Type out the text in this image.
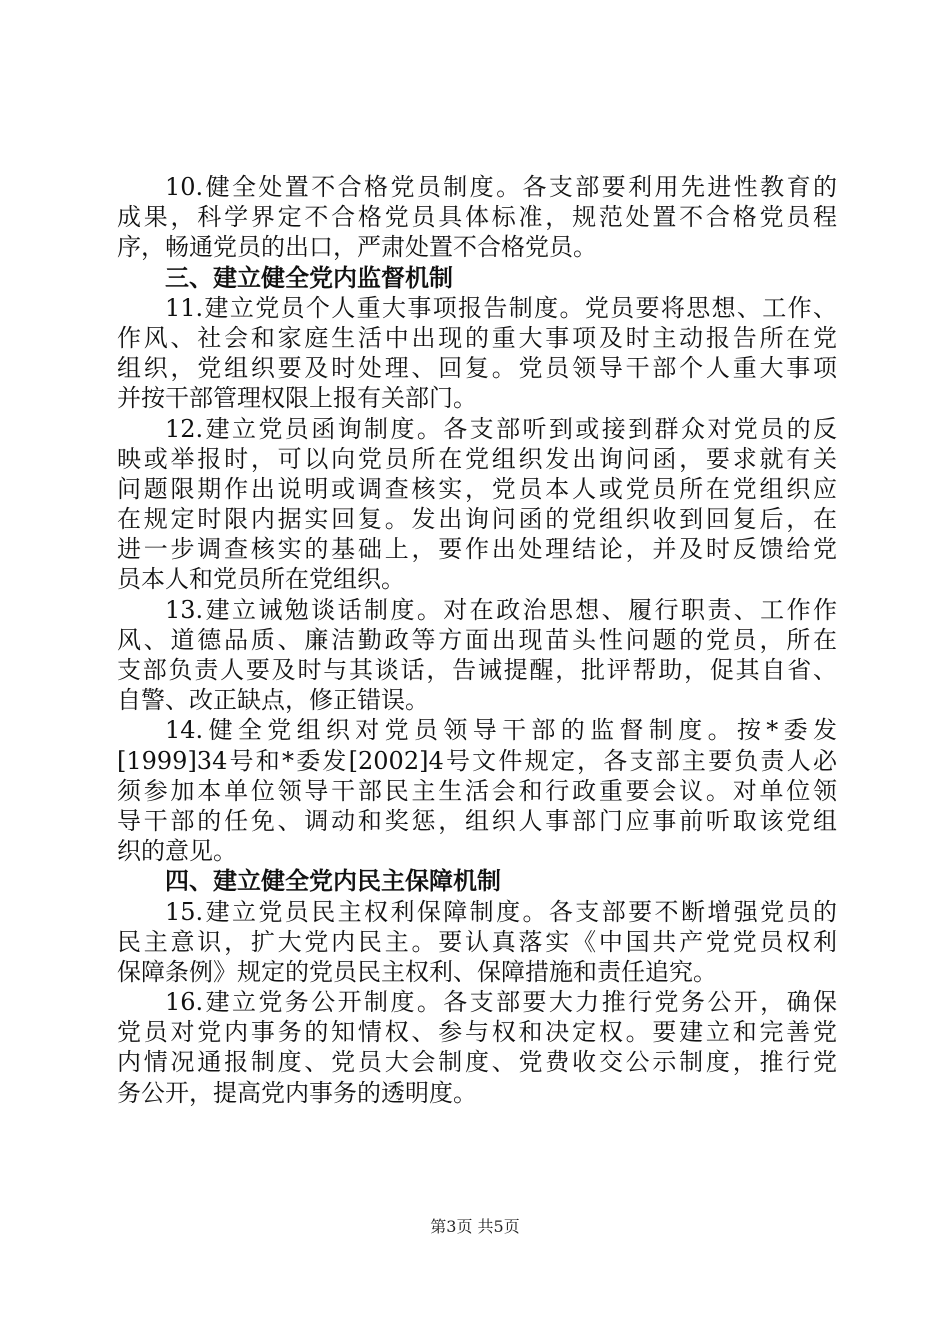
10.健全处置不合格党员制度。各支部要利用先进性教育的
成果，科学界定不合格党员具体标准，规范处置不合格党员程
序，畅通党员的出口，严肃处置不合格党员。
三、建立健全党内监督机制
11.建立党员个人重大事项报告制度。党员要将思想、工作、
作风、社会和家庭生活中出现的重大事项及时主动报告所在党
组织，党组织要及时处理、回复。党员领导干部个人重大事项
并按干部管理权限上报有关部门。
12.建立党员函询制度。各支部听到或接到群众对党员的反
映或举报时，可以向党员所在党组织发出询问函，要求就有关
问题限期作出说明或调查核实，党员本人或党员所在党组织应
在规定时限内据实回复。发出询问函的党组织收到回复后，在
进一步调查核实的基础上，要作出处理结论，并及时反馈给党
员本人和党员所在党组织。
13.建立诫勉谈话制度。对在政治思想、履行职责、工作作
风、道德品质、廉洁勤政等方面出现苗头性问题的党员，所在
支部负责人要及时与其谈话，告诫提醒，批评帮助，促其自省、
自警、改正缺点，修正错误。
14.健全党组织对党员领导干部的监督制度。按*委发
[1999]34号和*委发[2002]4号文件规定，各支部主要负责人必
须参加本单位领导干部民主生活会和行政重要会议。对单位领
导干部的任免、调动和奖惩，组织人事部门应事前听取该党组
织的意见。
四、建立健全党内民主保障机制
15.建立党员民主权利保障制度。各支部要不断增强党员的
民主意识，扩大党内民主。要认真落实《中国共产党党员权利
保障条例》规定的党员民主权利、保障措施和责任追究。
16.建立党务公开制度。各支部要大力推行党务公开，确保
党员对党内事务的知情权、参与权和决定权。要建立和完善党
内情况通报制度、党员大会制度、党费收交公示制度，推行党
务公开，提高党内事务的透明度。
第3页 共5页
